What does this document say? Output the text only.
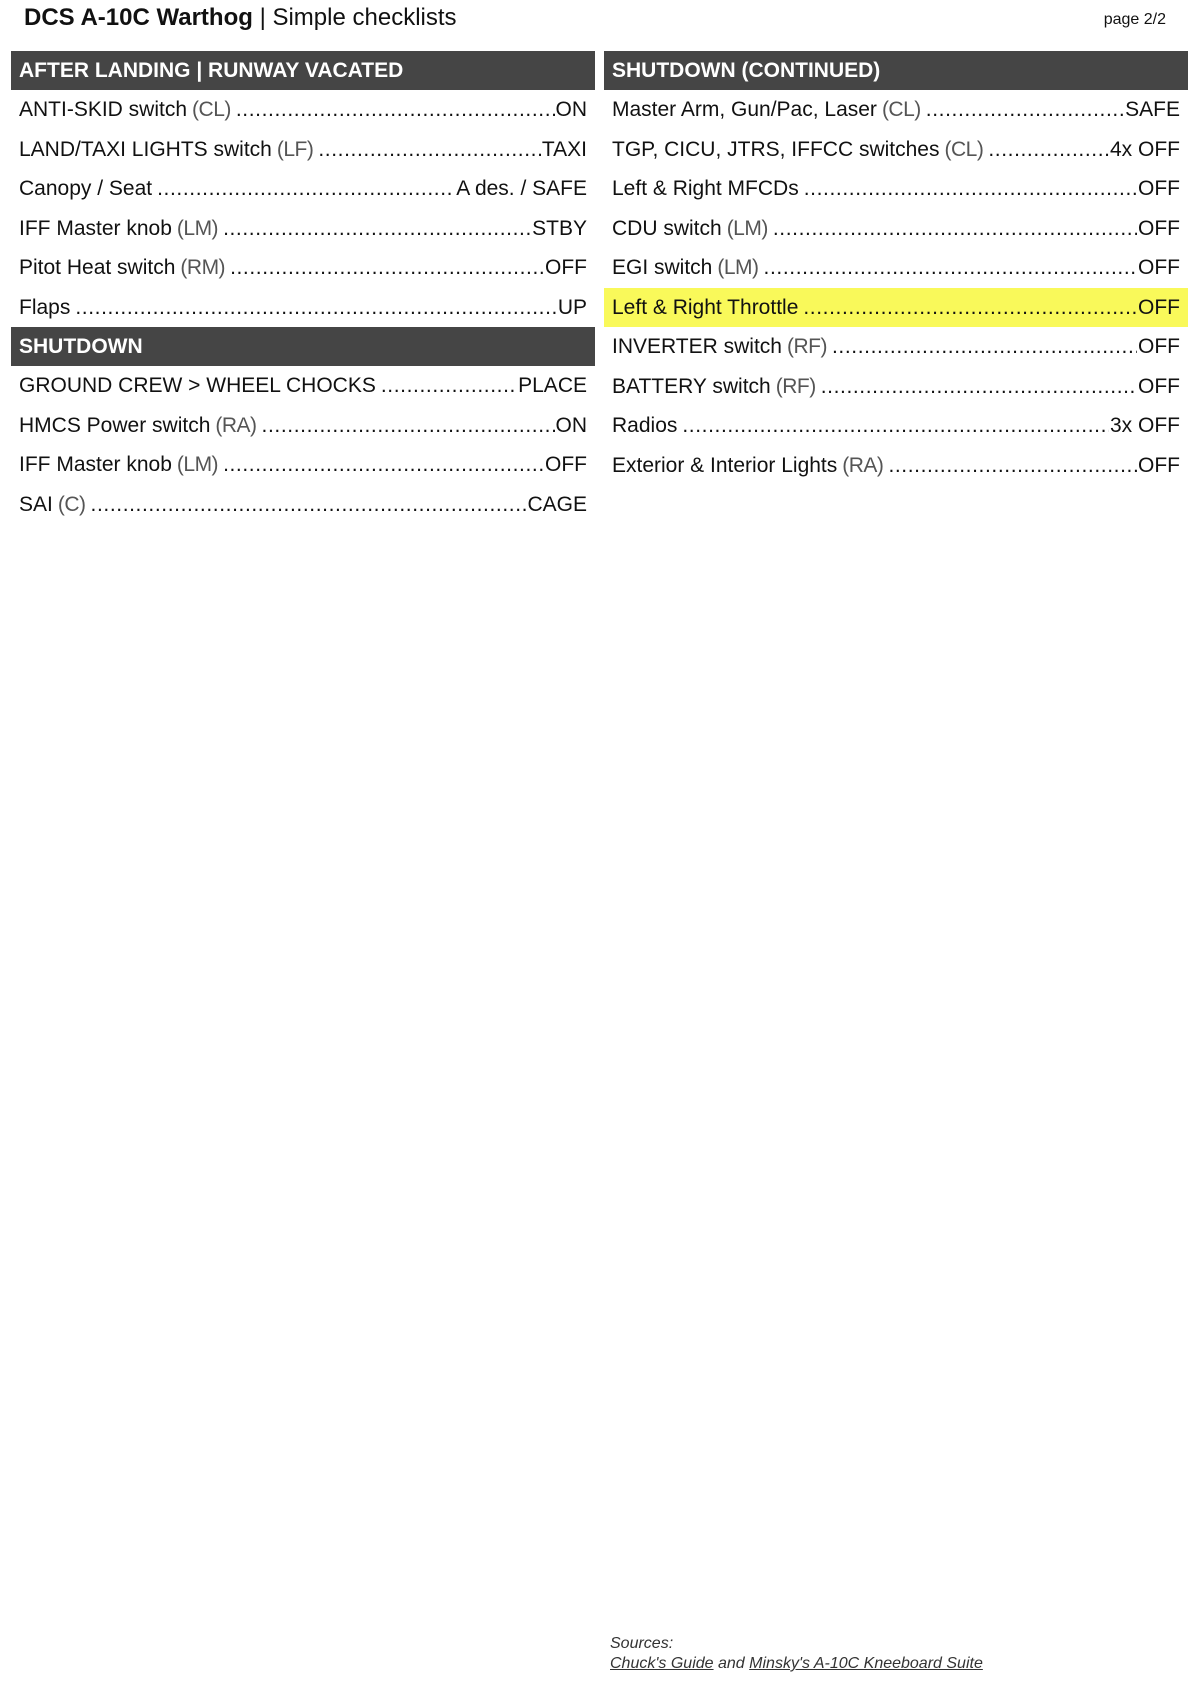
DCS A-10C Warthog | Simple checklists	page 2/2
AFTER LANDING | RUNWAY VACATED
ANTI-SKID switch (CL) .....	ON
LAND/TAXI LIGHTS switch (LF) .....	TAXI
Canopy / Seat .....	A des. / SAFE
IFF Master knob (LM) .....	STBY
Pitot Heat switch (RM) .....	OFF
Flaps .....	UP
SHUTDOWN
GROUND CREW > WHEEL CHOCKS .....	PLACE
HMCS Power switch (RA) .....	ON
IFF Master knob (LM) .....	OFF
SAI (C) .....	CAGE
SHUTDOWN (CONTINUED)
Master Arm, Gun/Pac, Laser (CL) .....	SAFE
TGP, CICU, JTRS, IFFCC switches (CL) .....	4x OFF
Left & Right MFCDs .....	OFF
CDU switch (LM) .....	OFF
EGI switch (LM) .....	OFF
Left & Right Throttle .....	OFF
INVERTER switch (RF) .....	OFF
BATTERY switch (RF) .....	OFF
Radios .....	3x OFF
Exterior & Interior Lights (RA) .....	OFF
Sources:
Chuck's Guide and Minsky's A-10C Kneeboard Suite
